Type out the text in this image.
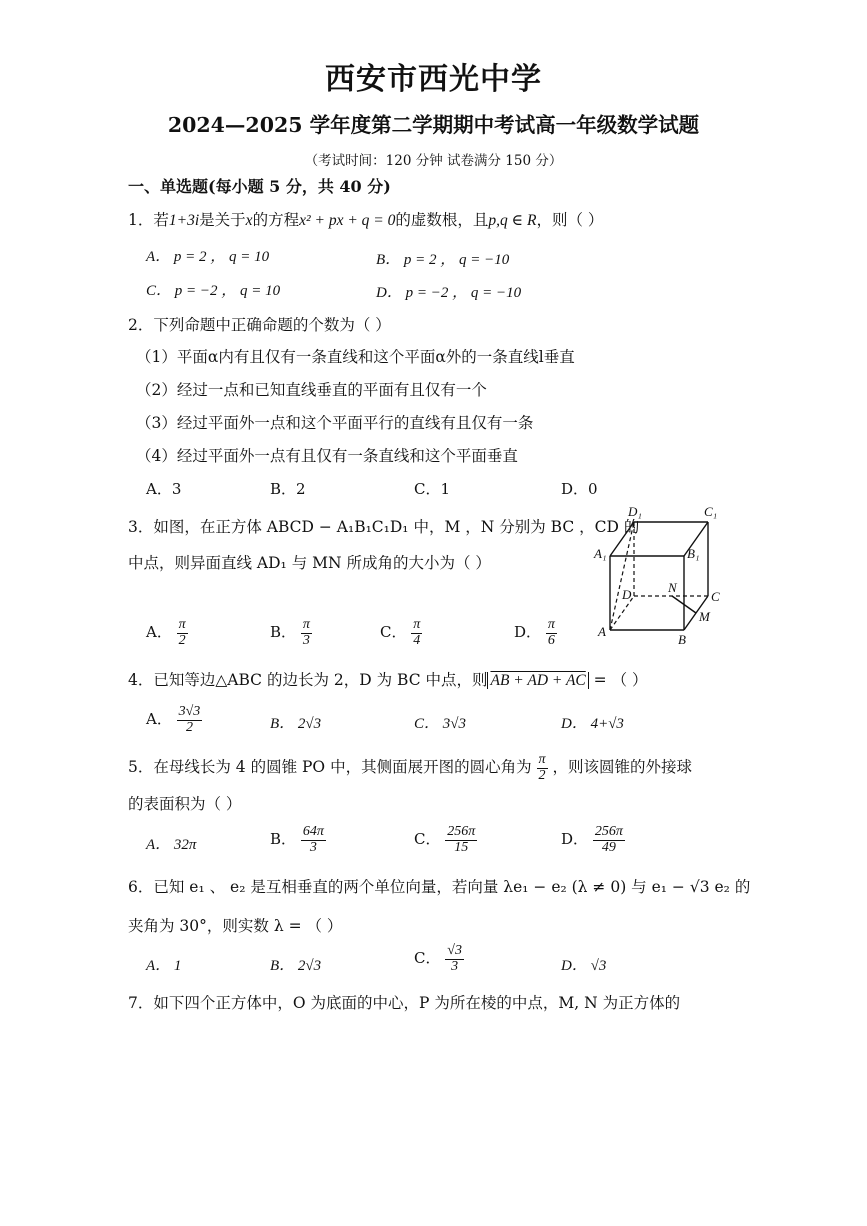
西安市西光中学
2024—2025 学年度第二学期期中考试高一年级数学试题
（考试时间：120 分钟 试卷满分 150 分）
一、单选题(每小题 5 分，共 40 分)
1．若1+3i是关于x的方程x² + px + q = 0的虚数根，且p,q ∈ R，则（ ）
A． p = 2 ， q = 10	B． p = 2 ， q = −10
C． p = −2 ， q = 10	D． p = −2 ， q = −10
2．下列命题中正确命题的个数为（ ）
（1）平面α内有且仅有一条直线和这个平面α外的一条直线l垂直
（2）经过一点和已知直线垂直的平面有且仅有一个
（3）经过平面外一点和这个平面平行的直线有且仅有一条
（4）经过平面外一点有且仅有一条直线和这个平面垂直
A．3	B．2	C．1	D．0
3．如图，在正方体 ABCD − A₁B₁C₁D₁ 中，M ，N 分别为 BC ，CD 的
中点，则异面直线 AD₁ 与 MN 所成角的大小为（ ）
A． $\frac{\pi}{2}$	B． $\frac{\pi}{3}$	C． $\frac{\pi}{4}$	D． $\frac{\pi}{6}$
D₁	C₁
A₁	B₁
D	N
C
A
B
M
4．已知等边△ABC 的边长为 2，D 为 BC 中点，则 AB + AD + AC = （ ）
A． $\frac{3√3}{2}$	B． 2√3	C． 3√3	D． 4+√3
5．在母线长为 4 的圆锥 PO 中，其侧面展开图的圆心角为 $\frac{\pi}{2}$ ，则该圆锥的外接球
的表面积为（ ）
A． 32π	B． $\frac{64\pi}{3}$	C． $\frac{256\pi}{15}$	D． $\frac{256\pi}{49}$
6．已知 e₁ 、 e₂ 是互相垂直的两个单位向量，若向量 λe₁ − e₂ (λ ≠ 0) 与 e₁ − √3 e₂ 的
夹角为 30°，则实数 λ = （ ）
A． 1	B． 2√3	C． $\frac{√3}{3}$	D． √3
7．如下四个正方体中，O 为底面的中心，P 为所在棱的中点，M, N 为正方体的
